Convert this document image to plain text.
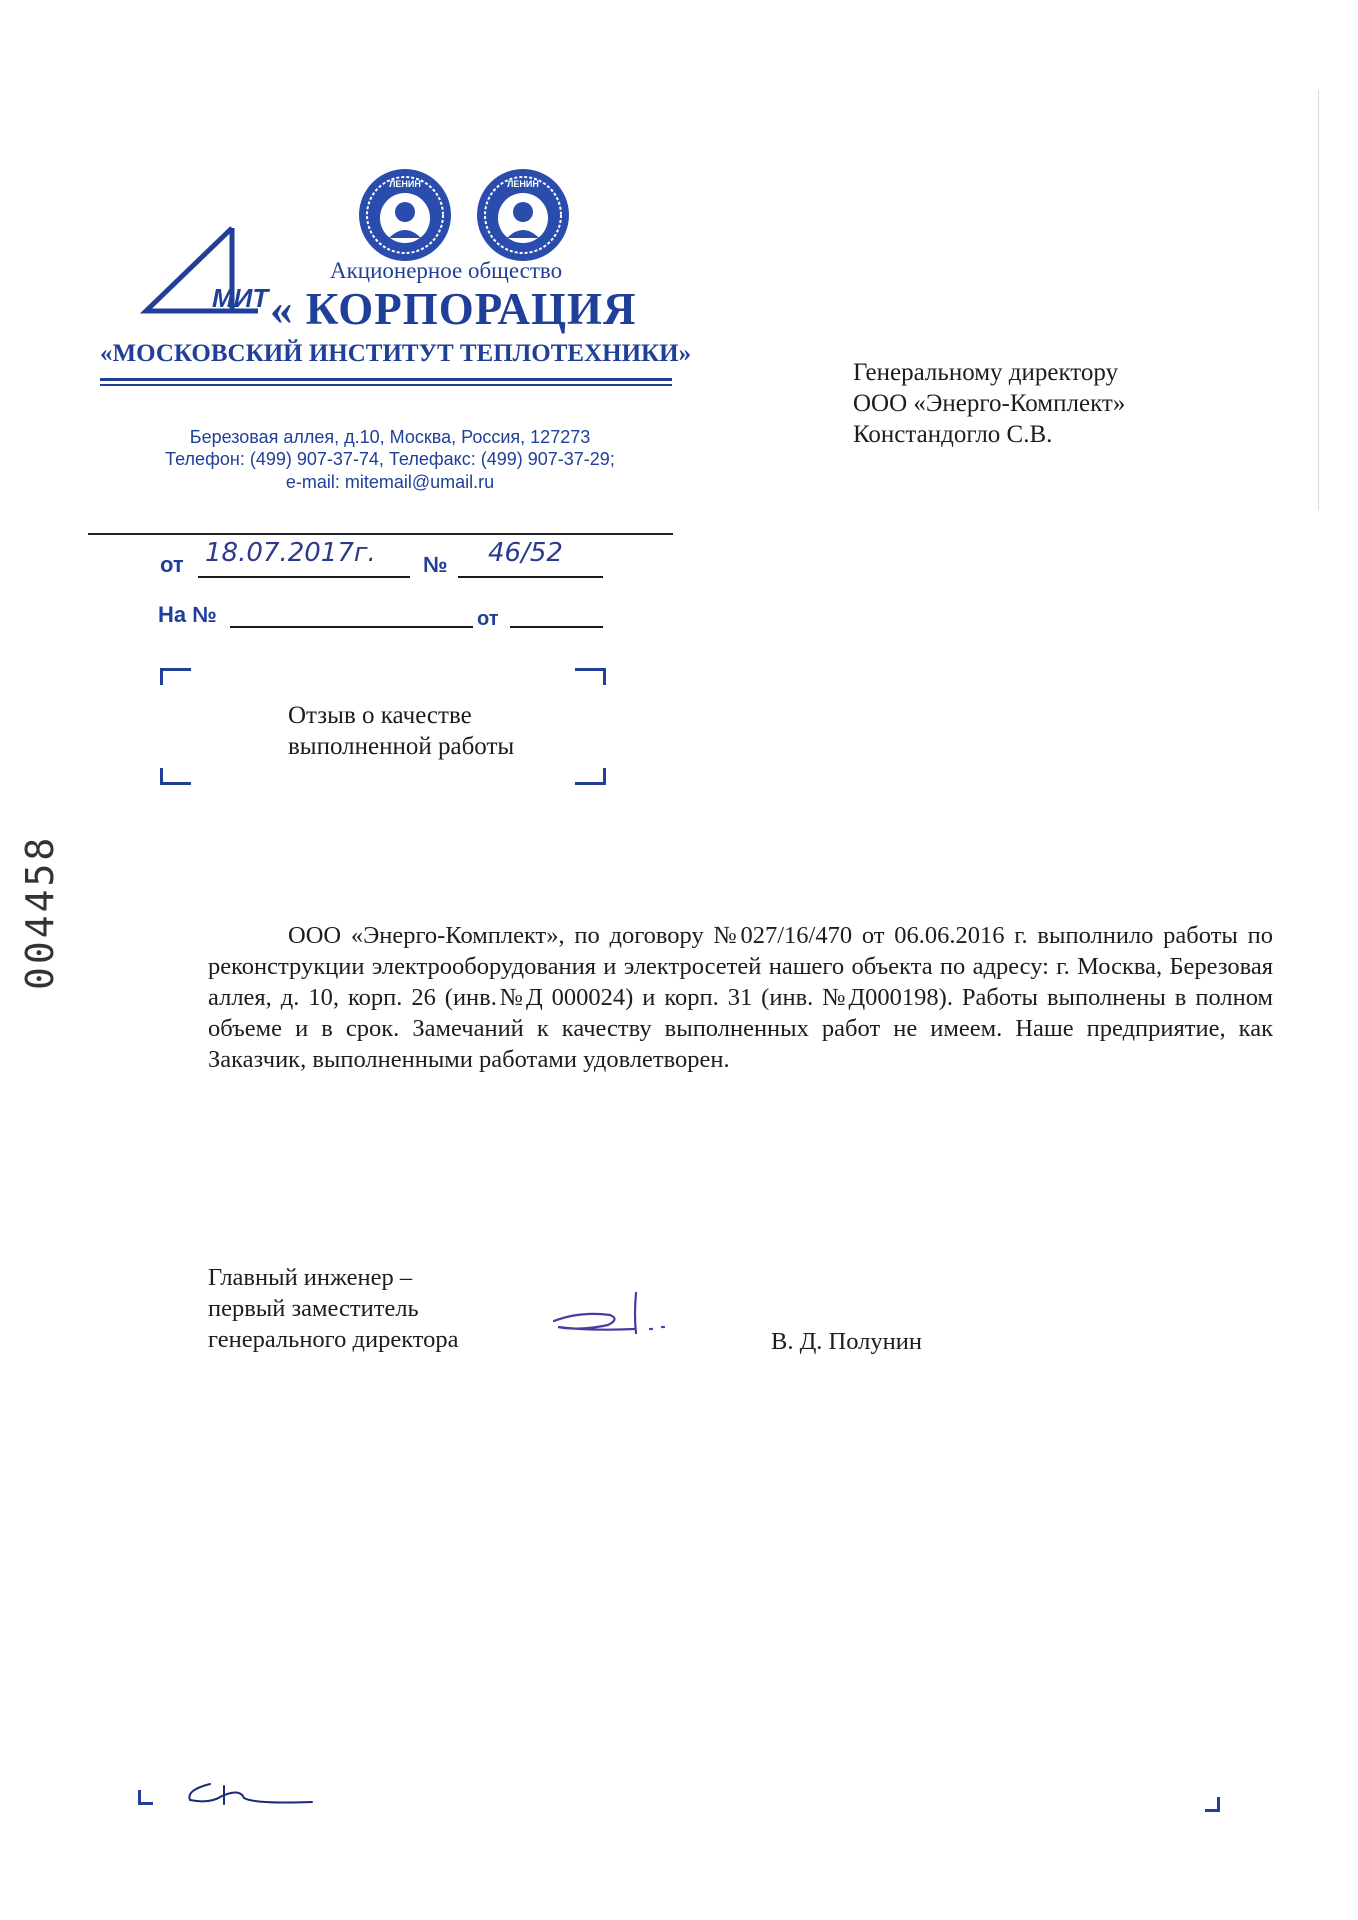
ЛЕНИН	ЛЕНИН
МИТ
Акционерное общество
« КОРПОРАЦИЯ
«МОСКОВСКИЙ ИНСТИТУТ ТЕПЛОТЕХНИКИ»
Березовая аллея, д.10, Москва, Россия, 127273
Телефон: (499) 907-37-74, Телефакс: (499) 907-37-29;
e-mail: mitemail@umail.ru
от 18.07.2017г. № 46/52
На №	от
Генеральному директору
ООО «Энерго-Комплект»
Констандогло С.В.
Отзыв о качестве
выполненной работы
004458	ООО «Энерго-Комплект», по договору №027/16/470 от 06.06.2016 г. выполнило работы по реконструкции электрооборудования и электросетей нашего объекта по адресу: г. Москва, Березовая аллея, д. 10, корп. 26 (инв.№Д 000024) и корп. 31 (инв. №Д000198). Работы выполнены в полном объеме и в срок. Замечаний к качеству выполненных работ не имеем. Наше предприятие, как Заказчик, выполненными работами удовлетворен.
Главный инженер –
первый заместитель
генерального директора	В. Д. Полунин
